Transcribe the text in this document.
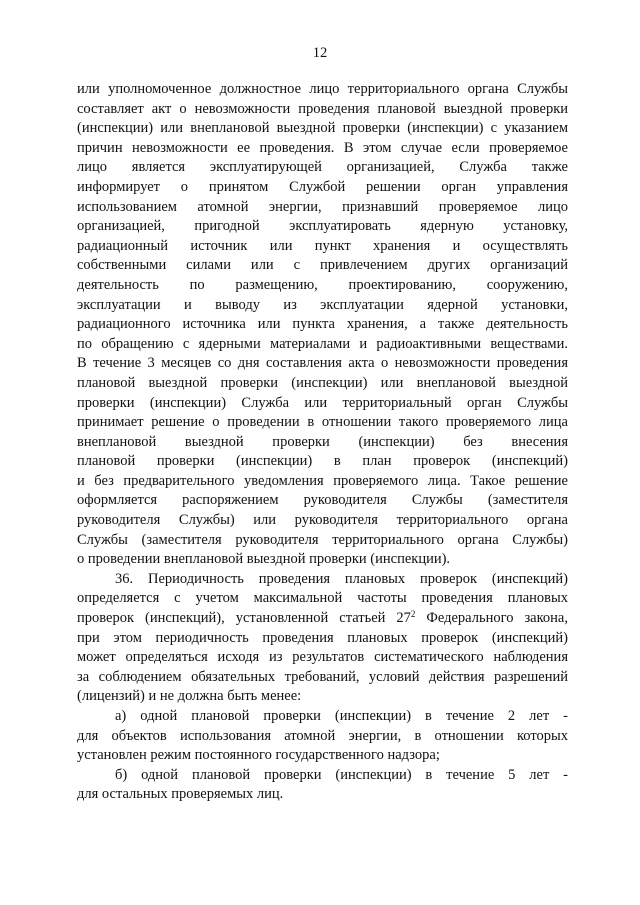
12
или уполномоченное должностное лицо территориального органа Службы
составляет акт о невозможности проведения плановой выездной проверки
(инспекции) или внеплановой выездной проверки (инспекции) с указанием
причин невозможности ее проведения. В этом случае если проверяемое
лицо является эксплуатирующей организацией, Служба также
информирует о принятом Службой решении орган управления
использованием атомной энергии, признавший проверяемое лицо
организацией, пригодной эксплуатировать ядерную установку,
радиационный источник или пункт хранения и осуществлять
собственными силами или с привлечением других организаций
деятельность по размещению, проектированию, сооружению,
эксплуатации и выводу из эксплуатации ядерной установки,
радиационного источника или пункта хранения, а также деятельность
по обращению с ядерными материалами и радиоактивными веществами.
В течение 3 месяцев со дня составления акта о невозможности проведения
плановой выездной проверки (инспекции) или внеплановой выездной
проверки (инспекции) Служба или территориальный орган Службы
принимает решение о проведении в отношении такого проверяемого лица
внеплановой выездной проверки (инспекции) без внесения
плановой проверки (инспекции) в план проверок (инспекций)
и без предварительного уведомления проверяемого лица. Такое решение
оформляется распоряжением руководителя Службы (заместителя
руководителя Службы) или руководителя территориального органа
Службы (заместителя руководителя территориального органа Службы)
о проведении внеплановой выездной проверки (инспекции).
36. Периодичность проведения плановых проверок (инспекций)
определяется с учетом максимальной частоты проведения плановых
проверок (инспекций), установленной статьей $27^2$ Федерального закона,
при этом периодичность проведения плановых проверок (инспекций)
может определяться исходя из результатов систематического наблюдения
за соблюдением обязательных требований, условий действия разрешений
(лицензий) и не должна быть менее:
а) одной плановой проверки (инспекции) в течение 2 лет -
для объектов использования атомной энергии, в отношении которых
установлен режим постоянного государственного надзора;
б) одной плановой проверки (инспекции) в течение 5 лет -
для остальных проверяемых лиц.
